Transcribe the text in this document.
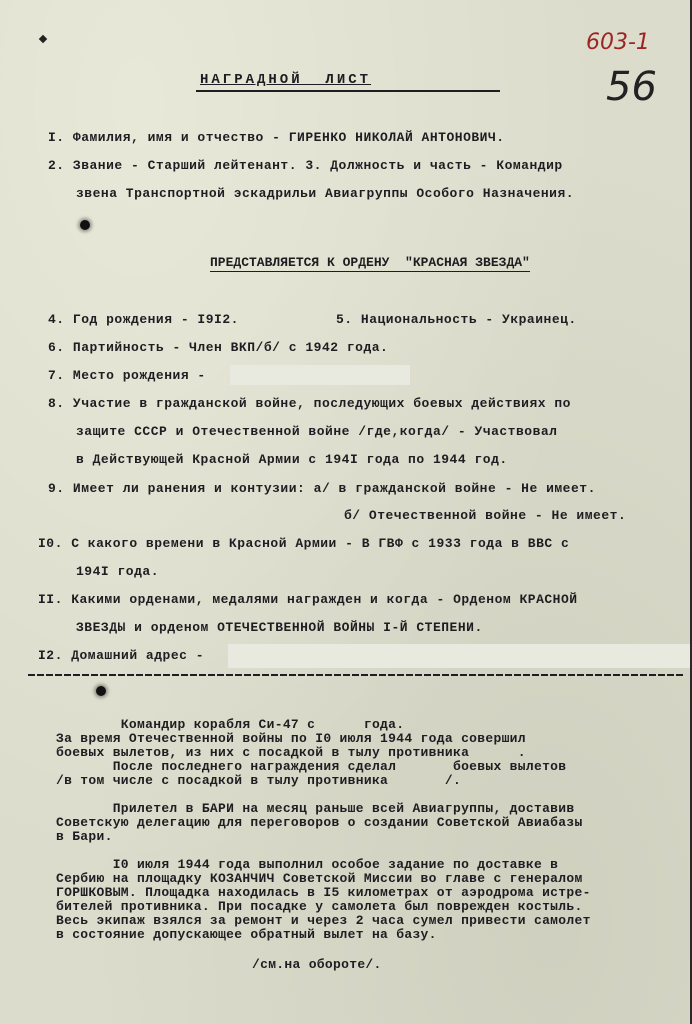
603-1
56
НАГРАДНОЙ  ЛИСТ
I. Фамилия, имя и отчество - ГИРЕНКО НИКОЛАЙ АНТОНОВИЧ.
2. Звание - Старший лейтенант. 3. Должность и часть - Командир
звена Транспортной эскадрильи Авиагруппы Особого Назначения.
ПРЕДСТАВЛЯЕТСЯ К ОРДЕНУ  "КРАСНАЯ ЗВЕЗДА"
4. Год рождения - I9I2.	5. Национальность - Украинец.
6. Партийность - Член ВКП/б/ с 1942 года.
7. Место рождения -
8. Участие в гражданской войне, последующих боевых действиях по
защите СССР и Отечественной войне /где,когда/ - Участвовал
в Действующей Красной Армии с 194I года по 1944 год.
9. Имеет ли ранения и контузии: а/ в гражданской войне - Не имеет.
б/ Отечественной войне - Не имеет.
I0. С какого времени в Красной Армии - В ГВФ с 1933 года в ВВС с
194I года.
II. Какими орденами, медалями награжден и когда - Орденом КРАСНОЙ
ЗВЕЗДЫ и орденом ОТЕЧЕСТВЕННОЙ ВОЙНЫ I-Й СТЕПЕНИ.
I2. Домашний адрес -
Командир корабля Си-47 с      года.
За время Отечественной войны по I0 июля 1944 года совершил
боевых вылетов, из них с посадкой в тылу противника      .
После последнего награждения сделал       боевых вылетов
/в том числе с посадкой в тылу противника       /.
Прилетел в БАРИ на месяц раньше всей Авиагруппы, доставив
Советскую делегацию для переговоров о создании Советской Авиабазы
в Бари.
I0 июля 1944 года выполнил особое задание по доставке в
Сербию на площадку КОЗАНЧИЧ Советской Миссии во главе с генералом
ГОРШКОВЫМ. Площадка находилась в I5 километрах от аэродрома истре-
бителей противника. При посадке у самолета был поврежден костыль.
Весь экипаж взялся за ремонт и через 2 часа сумел привести самолет
в состояние допускающее обратный вылет на базу.
/см.на обороте/.
